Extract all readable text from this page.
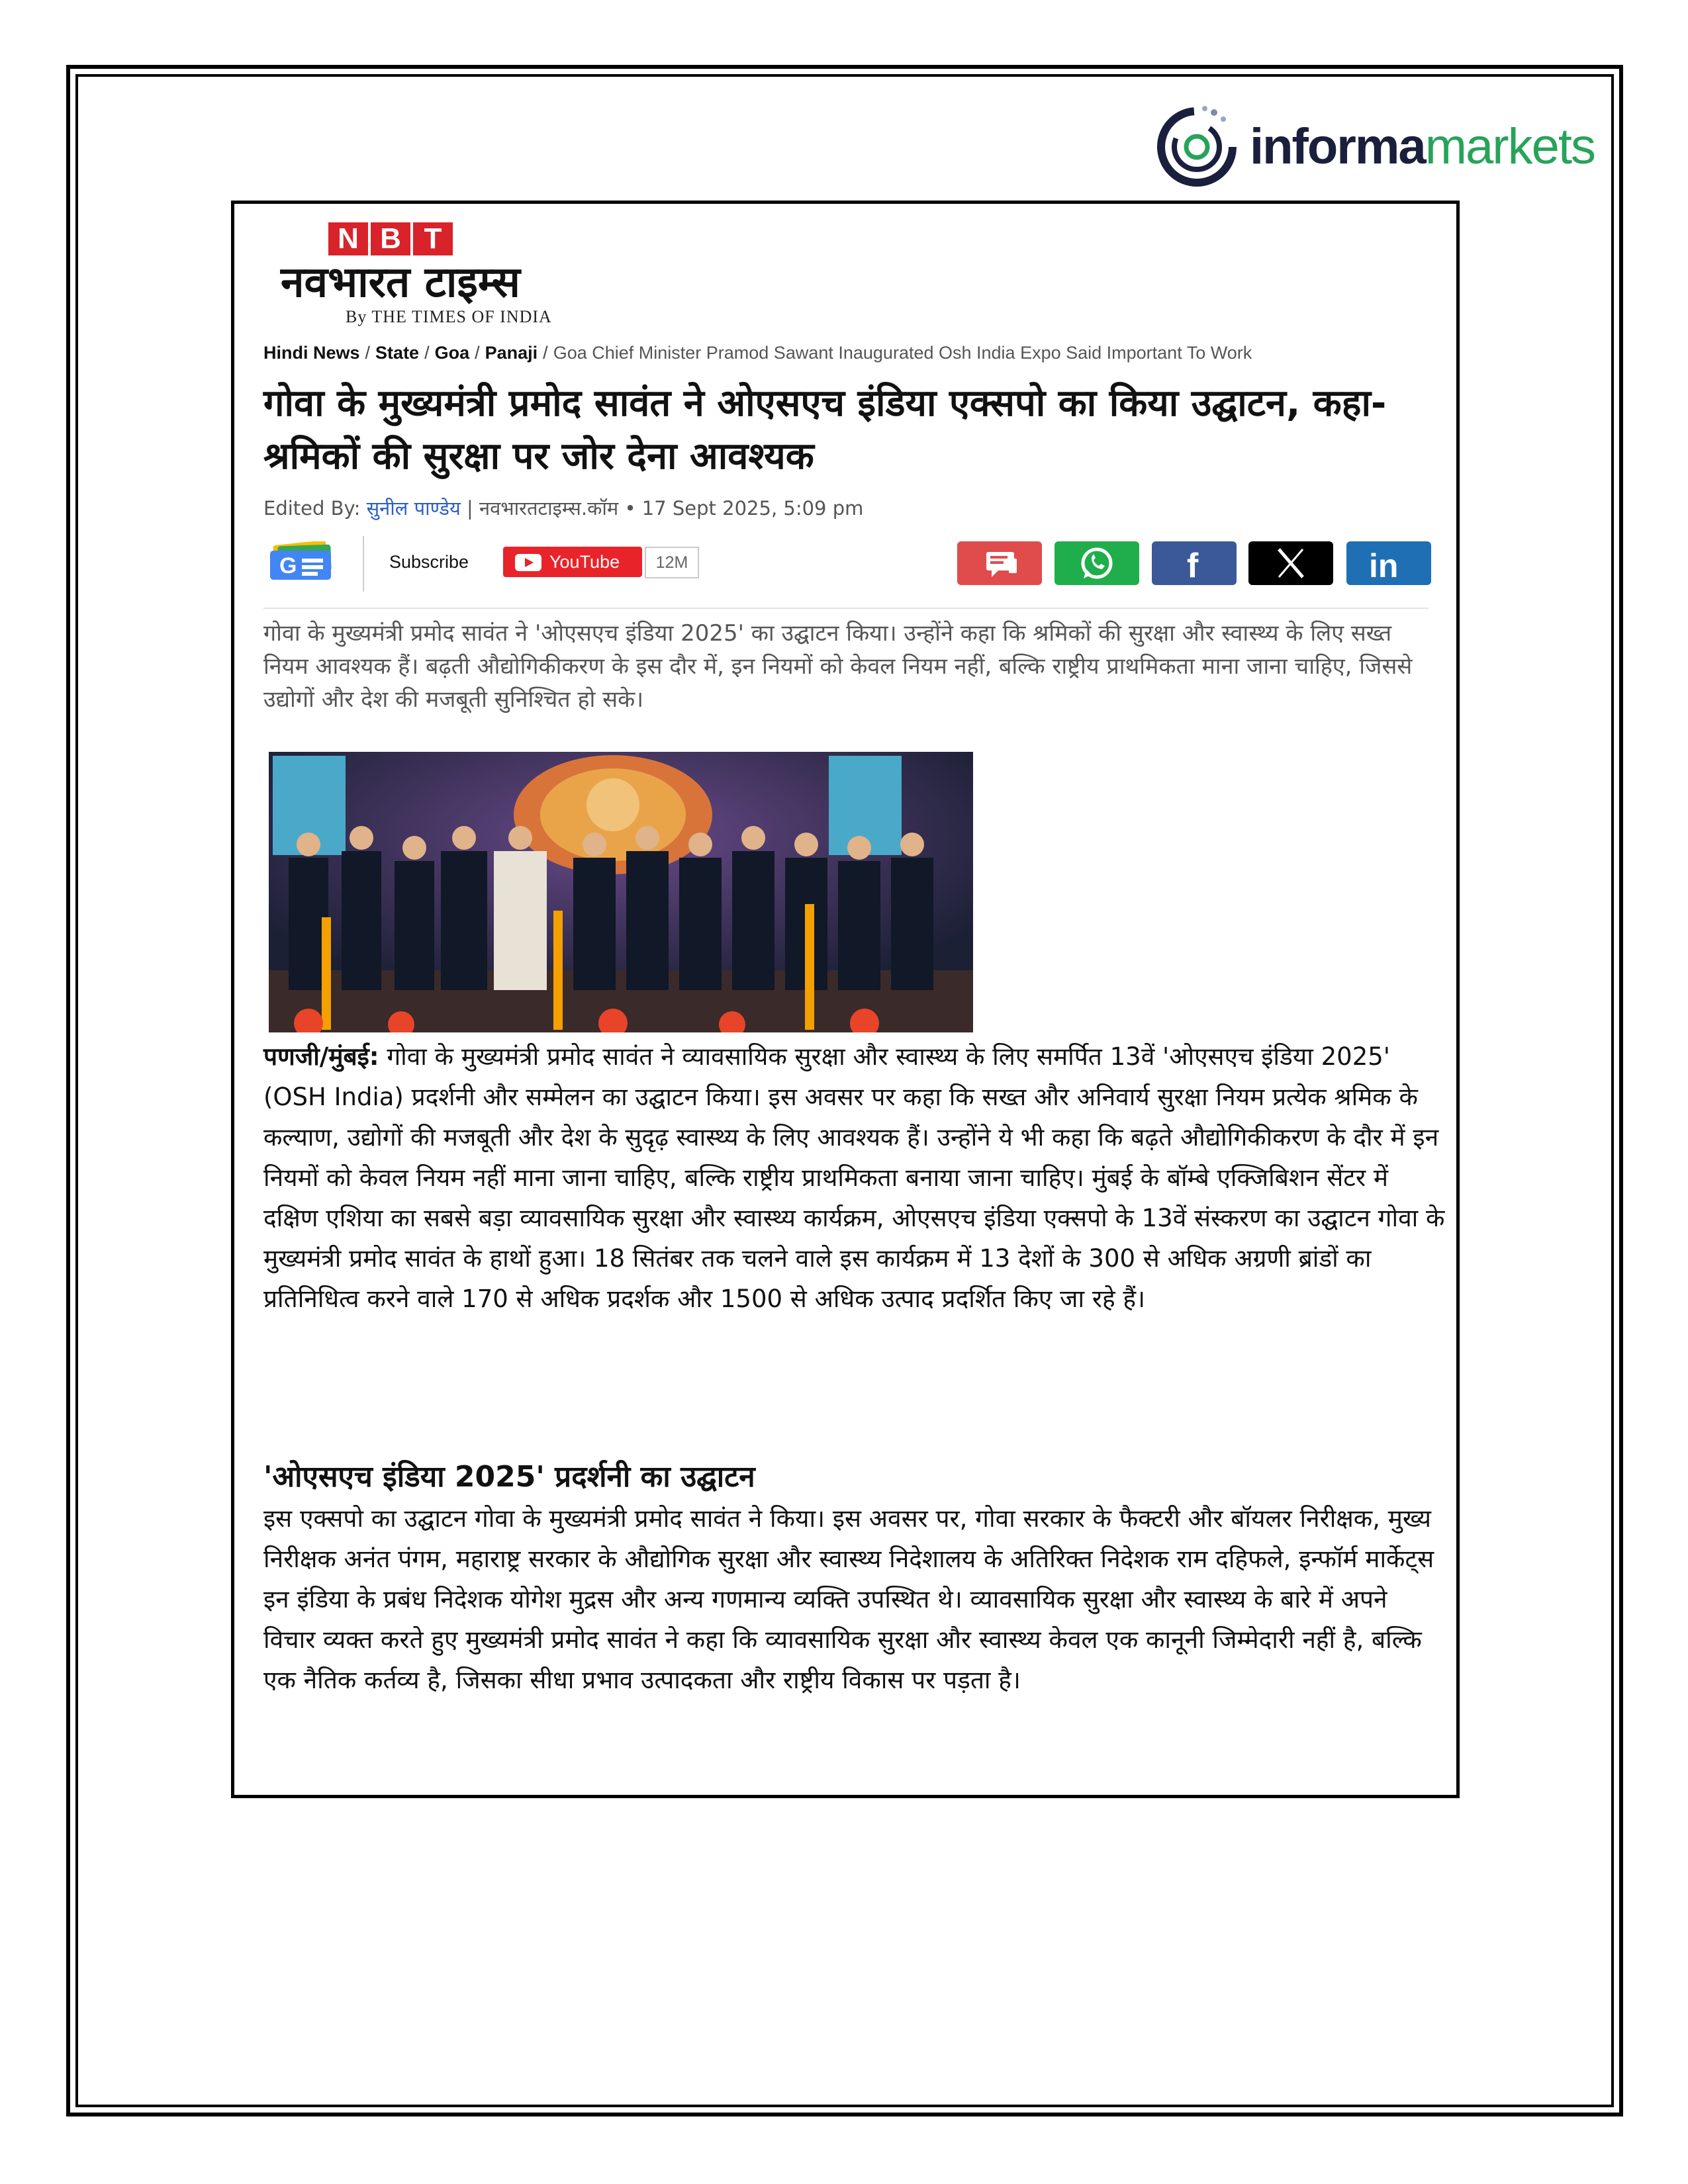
informamarkets
N B T
नवभारत टाइम्स
By THE TIMES OF INDIA
Hindi News / State / Goa / Panaji / Goa Chief Minister Pramod Sawant Inaugurated Osh India Expo Said Important To Work
गोवा के मुख्यमंत्री प्रमोद सावंत ने ओएसएच इंडिया एक्सपो का किया उद्घाटन, कहा- श्रमिकों की सुरक्षा पर जोर देना आवश्यक
Edited By: सुनील पाण्डेय | नवभारतटाइम्स.कॉम • 17 Sept 2025, 5:09 pm
G	Subscribe	YouTube	12M	f	in

गोवा के मुख्यमंत्री प्रमोद सावंत ने 'ओएसएच इंडिया 2025' का उद्घाटन किया। उन्होंने कहा कि श्रमिकों की सुरक्षा और स्वास्थ्य के लिए सख्त नियम आवश्यक हैं। बढ़ती औद्योगिकीकरण के इस दौर में, इन नियमों को केवल नियम नहीं, बल्कि राष्ट्रीय प्राथमिकता माना जाना चाहिए, जिससे उद्योगों और देश की मजबूती सुनिश्चित हो सके।

पणजी/मुंबई: गोवा के मुख्यमंत्री प्रमोद सावंत ने व्यावसायिक सुरक्षा और स्वास्थ्य के लिए समर्पित 13वें 'ओएसएच इंडिया 2025' (OSH India) प्रदर्शनी और सम्मेलन का उद्घाटन किया। इस अवसर पर कहा कि सख्त और अनिवार्य सुरक्षा नियम प्रत्येक श्रमिक के कल्याण, उद्योगों की मजबूती और देश के सुदृढ़ स्वास्थ्य के लिए आवश्यक हैं। उन्होंने ये भी कहा कि बढ़ते औद्योगिकीकरण के दौर में इन नियमों को केवल नियम नहीं माना जाना चाहिए, बल्कि राष्ट्रीय प्राथमिकता बनाया जाना चाहिए। मुंबई के बॉम्बे एक्जिबिशन सेंटर में दक्षिण एशिया का सबसे बड़ा व्यावसायिक सुरक्षा और स्वास्थ्य कार्यक्रम, ओएसएच इंडिया एक्सपो के 13वें संस्करण का उद्घाटन गोवा के मुख्यमंत्री प्रमोद सावंत के हाथों हुआ। 18 सितंबर तक चलने वाले इस कार्यक्रम में 13 देशों के 300 से अधिक अग्रणी ब्रांडों का प्रतिनिधित्व करने वाले 170 से अधिक प्रदर्शक और 1500 से अधिक उत्पाद प्रदर्शित किए जा रहे हैं।

'ओएसएच इंडिया 2025' प्रदर्शनी का उद्घाटन

इस एक्सपो का उद्घाटन गोवा के मुख्यमंत्री प्रमोद सावंत ने किया। इस अवसर पर, गोवा सरकार के फैक्टरी और बॉयलर निरीक्षक, मुख्य निरीक्षक अनंत पंगम, महाराष्ट्र सरकार के औद्योगिक सुरक्षा और स्वास्थ्य निदेशालय के अतिरिक्त निदेशक राम दहिफले, इन्फॉर्म मार्केट्स इन इंडिया के प्रबंध निदेशक योगेश मुद्रस और अन्य गणमान्य व्यक्ति उपस्थित थे। व्यावसायिक सुरक्षा और स्वास्थ्य के बारे में अपने विचार व्यक्त करते हुए मुख्यमंत्री प्रमोद सावंत ने कहा कि व्यावसायिक सुरक्षा और स्वास्थ्य केवल एक कानूनी जिम्मेदारी नहीं है, बल्कि एक नैतिक कर्तव्य है, जिसका सीधा प्रभाव उत्पादकता और राष्ट्रीय विकास पर पड़ता है।
